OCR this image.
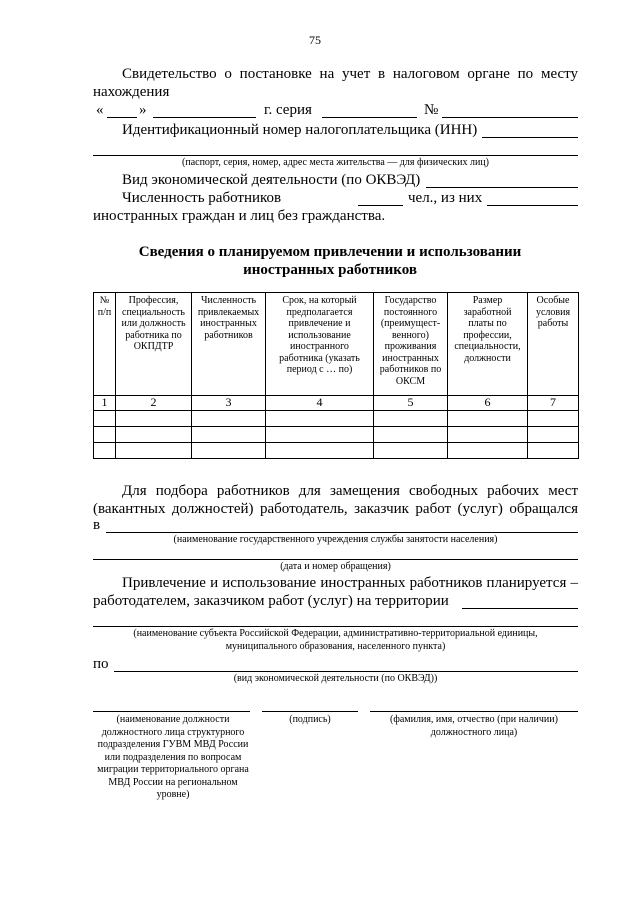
75
Свидетельство о постановке на учет в налоговом органе по месту
нахождения
« »	г. серия	№
Идентификационный номер налогоплательщика (ИНН)
(паспорт, серия, номер, адрес места жительства — для физических лиц)
Вид экономической деятельности (по ОКВЭД)
Численность работников	чел., из них
иностранных граждан и лиц без гражданства.
Сведения о планируемом привлечении и использовании
иностранных работников
№ п/п	Профессия, специальность или должность работника по ОКПДТР	Численность привлекаемых иностранных работников	Срок, на который предполагается привлечение и использование иностранного работника (указать период с … по)	Государство постоянного (преимущест-венного) проживания иностранных работников по ОКСМ	Размер заработной платы по профессии, специальности, должности	Особые условия работы
1	2	3	4	5	6	7

Для подбора работников для замещения свободных рабочих мест
(вакантных должностей) работодатель, заказчик работ (услуг) обращался
в
(наименование государственного учреждения службы занятости населения)
(дата и номер обращения)
Привлечение и использование иностранных работников планируется –
работодателем, заказчиком работ (услуг) на территории
(наименование субъекта Российской Федерации, административно-территориальной единицы,
муниципального образования, населенного пункта)
по
(вид экономической деятельности (по ОКВЭД))
(наименование должности должностного лица структурного подразделения ГУВМ МВД России или подразделения по вопросам миграции территориального органа МВД России на региональном уровне)
(подпись)	(фамилия, имя, отчество (при наличии) должностного лица)
